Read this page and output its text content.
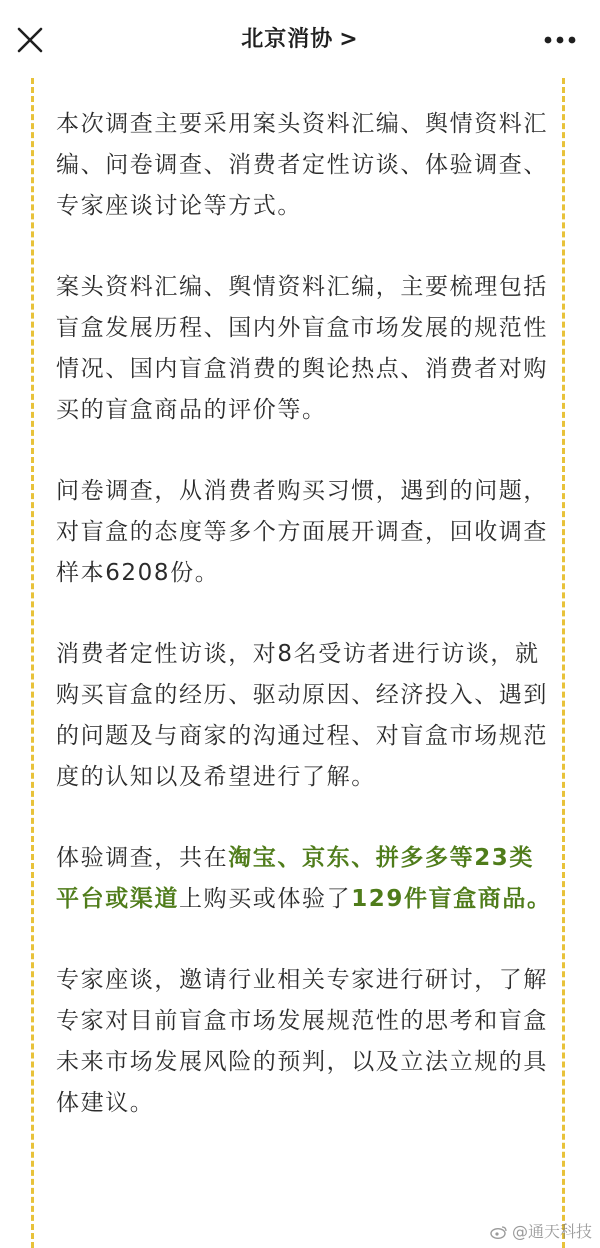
北京消协 >

本次调查主要采用案头资料汇编、舆情资料汇编、问卷调查、消费者定性访谈、体验调查、专家座谈讨论等方式。

案头资料汇编、舆情资料汇编，主要梳理包括盲盒发展历程、国内外盲盒市场发展的规范性情况、国内盲盒消费的舆论热点、消费者对购买的盲盒商品的评价等。

问卷调查，从消费者购买习惯，遇到的问题，对盲盒的态度等多个方面展开调查，回收调查样本6208份。

消费者定性访谈，对8名受访者进行访谈，就购买盲盒的经历、驱动原因、经济投入、遇到的问题及与商家的沟通过程、对盲盒市场规范度的认知以及希望进行了解。

体验调查，共在淘宝、京东、拼多多等23类平台或渠道上购买或体验了129件盲盒商品。

专家座谈，邀请行业相关专家进行研讨，了解专家对目前盲盒市场发展规范性的思考和盲盒未来市场发展风险的预判，以及立法立规的具体建议。

@通天科技
